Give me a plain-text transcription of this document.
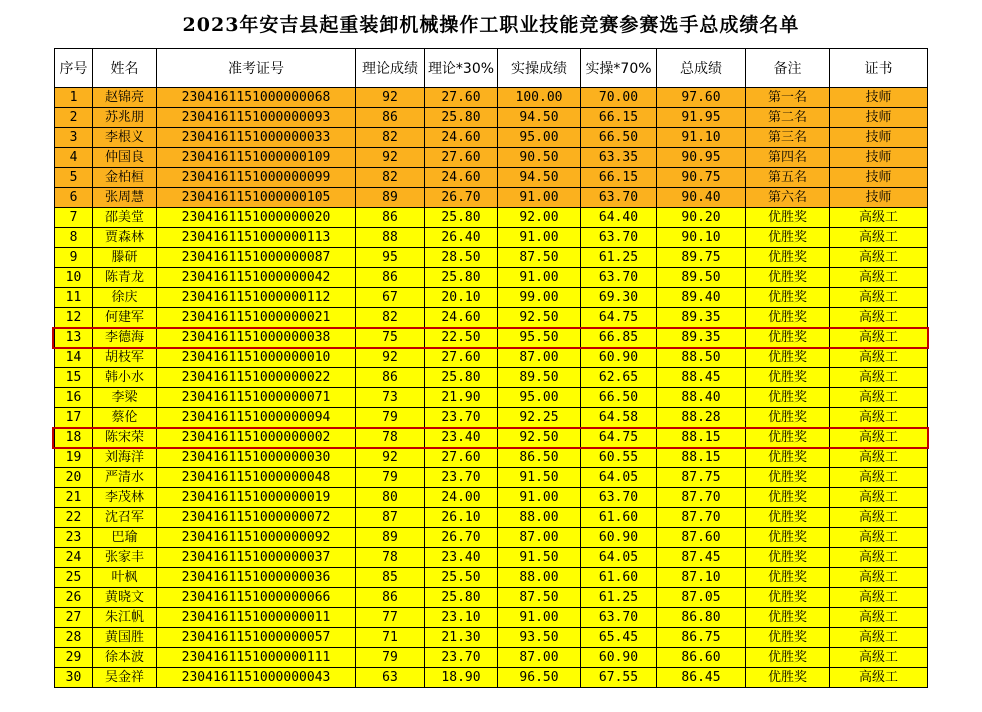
2023年安吉县起重装卸机械操作工职业技能竞赛参赛选手总成绩名单
序号	姓名	准考证号	理论成绩	理论*30%	实操成绩	实操*70%	总成绩	备注	证书
1	赵锦亮	2304161151000000068	92	27.60	100.00	70.00	97.60	第一名	技师
2	苏兆朋	2304161151000000093	86	25.80	94.50	66.15	91.95	第二名	技师
3	李根义	2304161151000000033	82	24.60	95.00	66.50	91.10	第三名	技师
4	仲国良	2304161151000000109	92	27.60	90.50	63.35	90.95	第四名	技师
5	金柏桓	2304161151000000099	82	24.60	94.50	66.15	90.75	第五名	技师
6	张周慧	2304161151000000105	89	26.70	91.00	63.70	90.40	第六名	技师
7	邵美堂	2304161151000000020	86	25.80	92.00	64.40	90.20	优胜奖	高级工
8	贾森林	2304161151000000113	88	26.40	91.00	63.70	90.10	优胜奖	高级工
9	滕研	2304161151000000087	95	28.50	87.50	61.25	89.75	优胜奖	高级工
10	陈青龙	2304161151000000042	86	25.80	91.00	63.70	89.50	优胜奖	高级工
11	徐庆	2304161151000000112	67	20.10	99.00	69.30	89.40	优胜奖	高级工
12	何建军	2304161151000000021	82	24.60	92.50	64.75	89.35	优胜奖	高级工
13	李德海	2304161151000000038	75	22.50	95.50	66.85	89.35	优胜奖	高级工
14	胡枝军	2304161151000000010	92	27.60	87.00	60.90	88.50	优胜奖	高级工
15	韩小水	2304161151000000022	86	25.80	89.50	62.65	88.45	优胜奖	高级工
16	李梁	2304161151000000071	73	21.90	95.00	66.50	88.40	优胜奖	高级工
17	蔡伦	2304161151000000094	79	23.70	92.25	64.58	88.28	优胜奖	高级工
18	陈宋荣	2304161151000000002	78	23.40	92.50	64.75	88.15	优胜奖	高级工
19	刘海洋	2304161151000000030	92	27.60	86.50	60.55	88.15	优胜奖	高级工
20	严清水	2304161151000000048	79	23.70	91.50	64.05	87.75	优胜奖	高级工
21	李茂林	2304161151000000019	80	24.00	91.00	63.70	87.70	优胜奖	高级工
22	沈召军	2304161151000000072	87	26.10	88.00	61.60	87.70	优胜奖	高级工
23	巴瑜	2304161151000000092	89	26.70	87.00	60.90	87.60	优胜奖	高级工
24	张家丰	2304161151000000037	78	23.40	91.50	64.05	87.45	优胜奖	高级工
25	叶枫	2304161151000000036	85	25.50	88.00	61.60	87.10	优胜奖	高级工
26	黄晓文	2304161151000000066	86	25.80	87.50	61.25	87.05	优胜奖	高级工
27	朱江帆	2304161151000000011	77	23.10	91.00	63.70	86.80	优胜奖	高级工
28	黄国胜	2304161151000000057	71	21.30	93.50	65.45	86.75	优胜奖	高级工
29	徐本波	2304161151000000111	79	23.70	87.00	60.90	86.60	优胜奖	高级工
30	吴金祥	2304161151000000043	63	18.90	96.50	67.55	86.45	优胜奖	高级工
